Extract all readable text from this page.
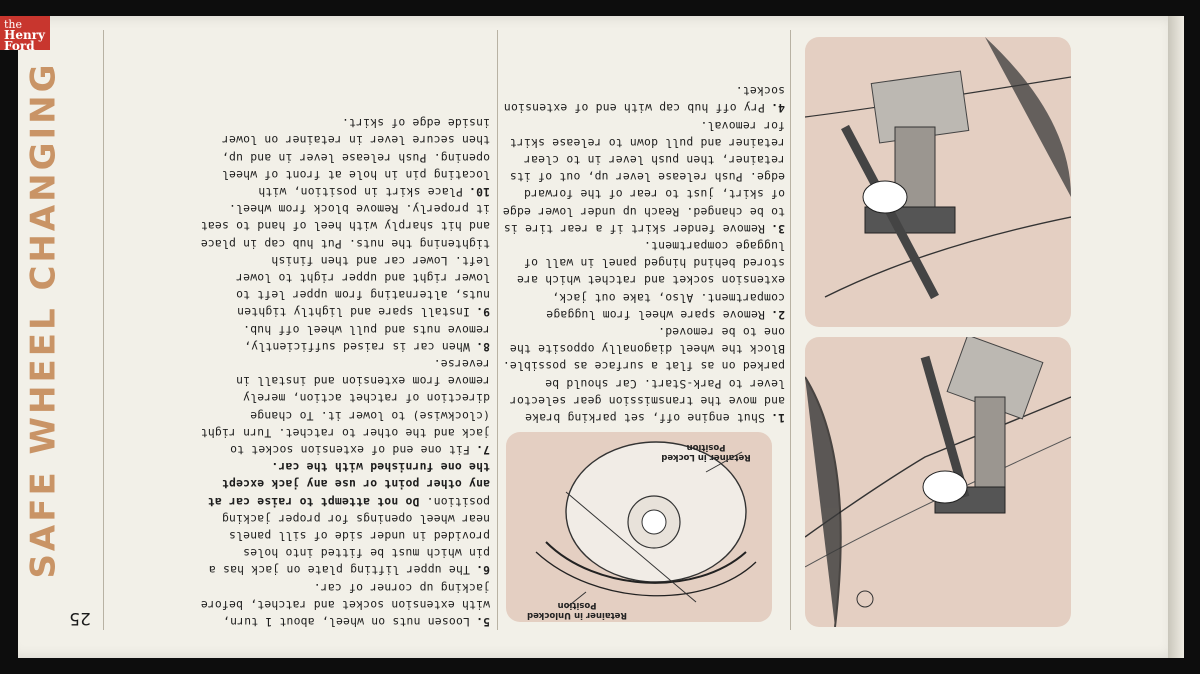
the
Henry Ford
SAFE WHEEL CHANGING
25	5.Loosen nuts on wheel, about 1 turn, with extension socket and ratchet, before jacking up corner of car.

6.The upper lifting plate on jack has a pin which must be fitted into holes provided in under side of sill panels near wheel openings for proper jacking position. Do not attempt to raise car at any other point or use any jack except the one furnished with the car.

7.Fit one end of extension socket to jack and the other to ratchet. Turn right (clockwise) to lower it. To change direction of ratchet action, merely remove from extension and install in reverse.

8.When car is raised sufficiently, remove nuts and pull wheel off hub.

9.Install spare and lightly tighten nuts, alternating from upper left to lower right and upper right to lower left. Lower car and then finish tightening the nuts. Put hub cap in place and hit sharply with heel of hand to seat it properly. Remove block from wheel.

10.Place skirt in position, with locating pin in hole at front of wheel opening. Push release lever in and up, then secure lever in retainer on lower inside edge of skirt.

1.Shut engine off, set parking brake and move the transmission gear selector lever to Park-Start. Car should be parked on as flat a surface as possible. Block the wheel diagonally opposite the one to be removed.

2.Remove spare wheel from luggage compartment. Also, take out jack, extension socket and ratchet which are stored behind hinged panel in wall of luggage compartment.

3.Remove fender skirt if a rear tire is to be changed. Reach up under lower edge of skirt, just to rear of the forward edge. Push release lever up, out of its retainer, then push lever in to clear retainer and pull down to release skirt for removal.

4.Pry off hub cap with end of extension socket.

Retainer in Locked Position
Retainer in Unlocked Position
